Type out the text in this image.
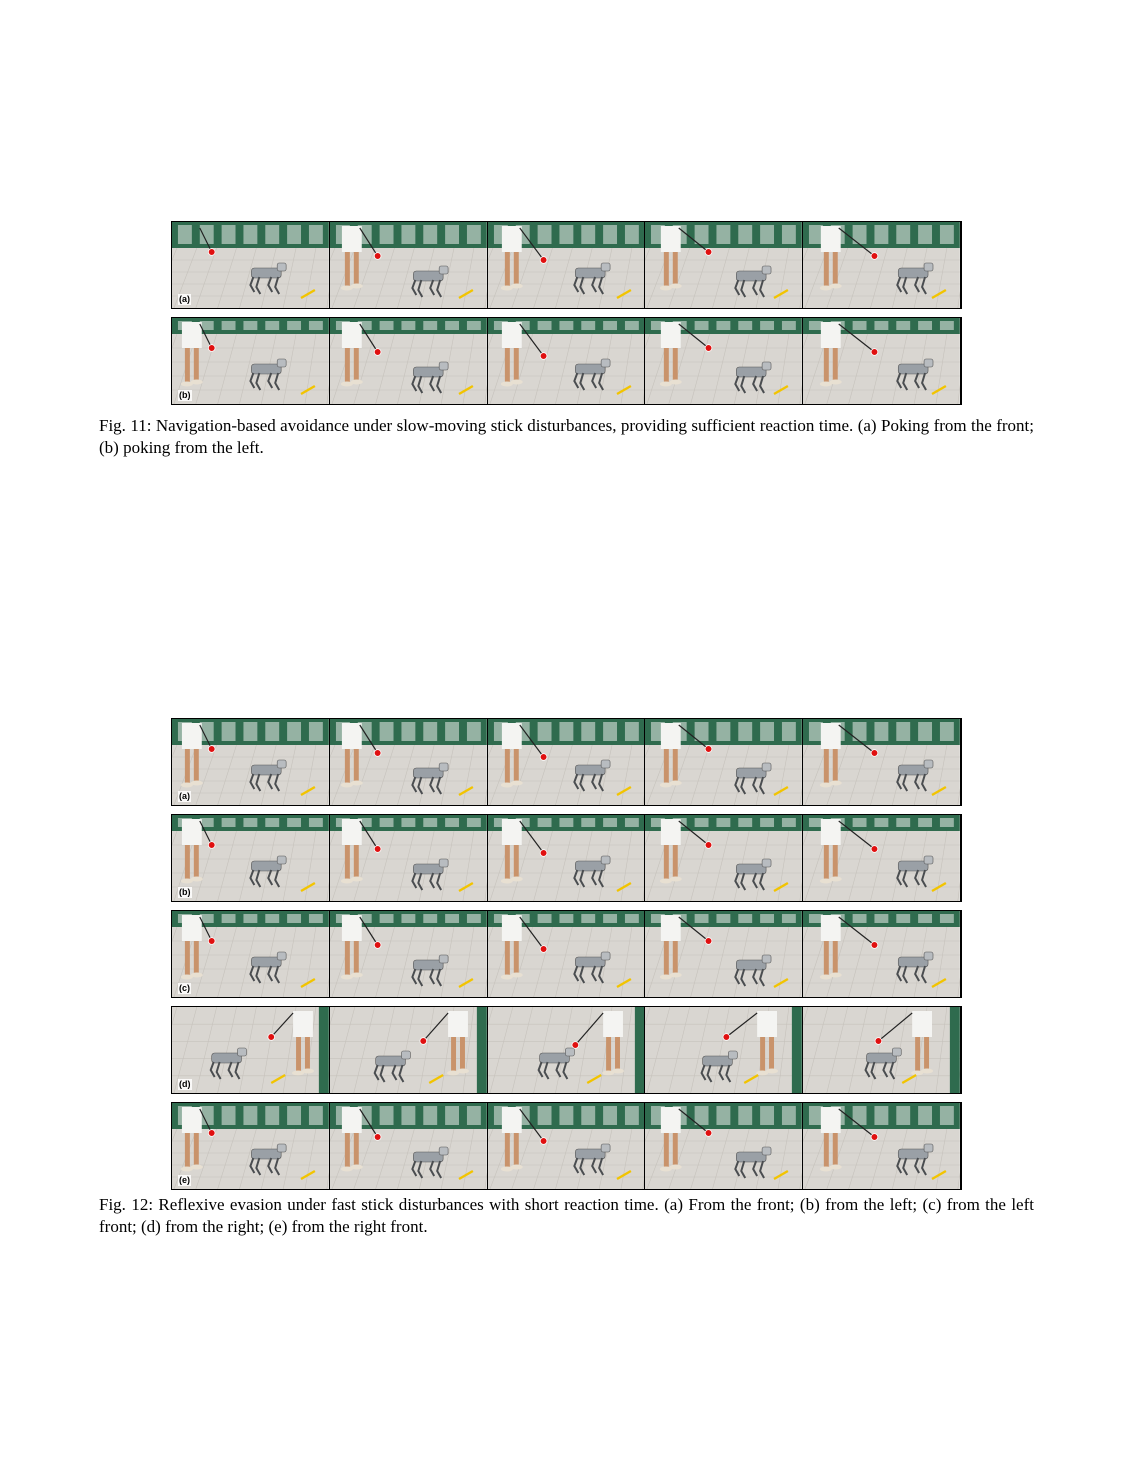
(a)
(b)
Fig. 11: Navigation-based avoidance under slow-moving stick disturbances, providing sufficient reaction time. (a) Poking from the front; (b) poking from the left.
(a)
(b)
(c)
(d)
(e)
Fig. 12: Reflexive evasion under fast stick disturbances with short reaction time. (a) From the front; (b) from the left; (c) from the left front; (d) from the right; (e) from the right front.
